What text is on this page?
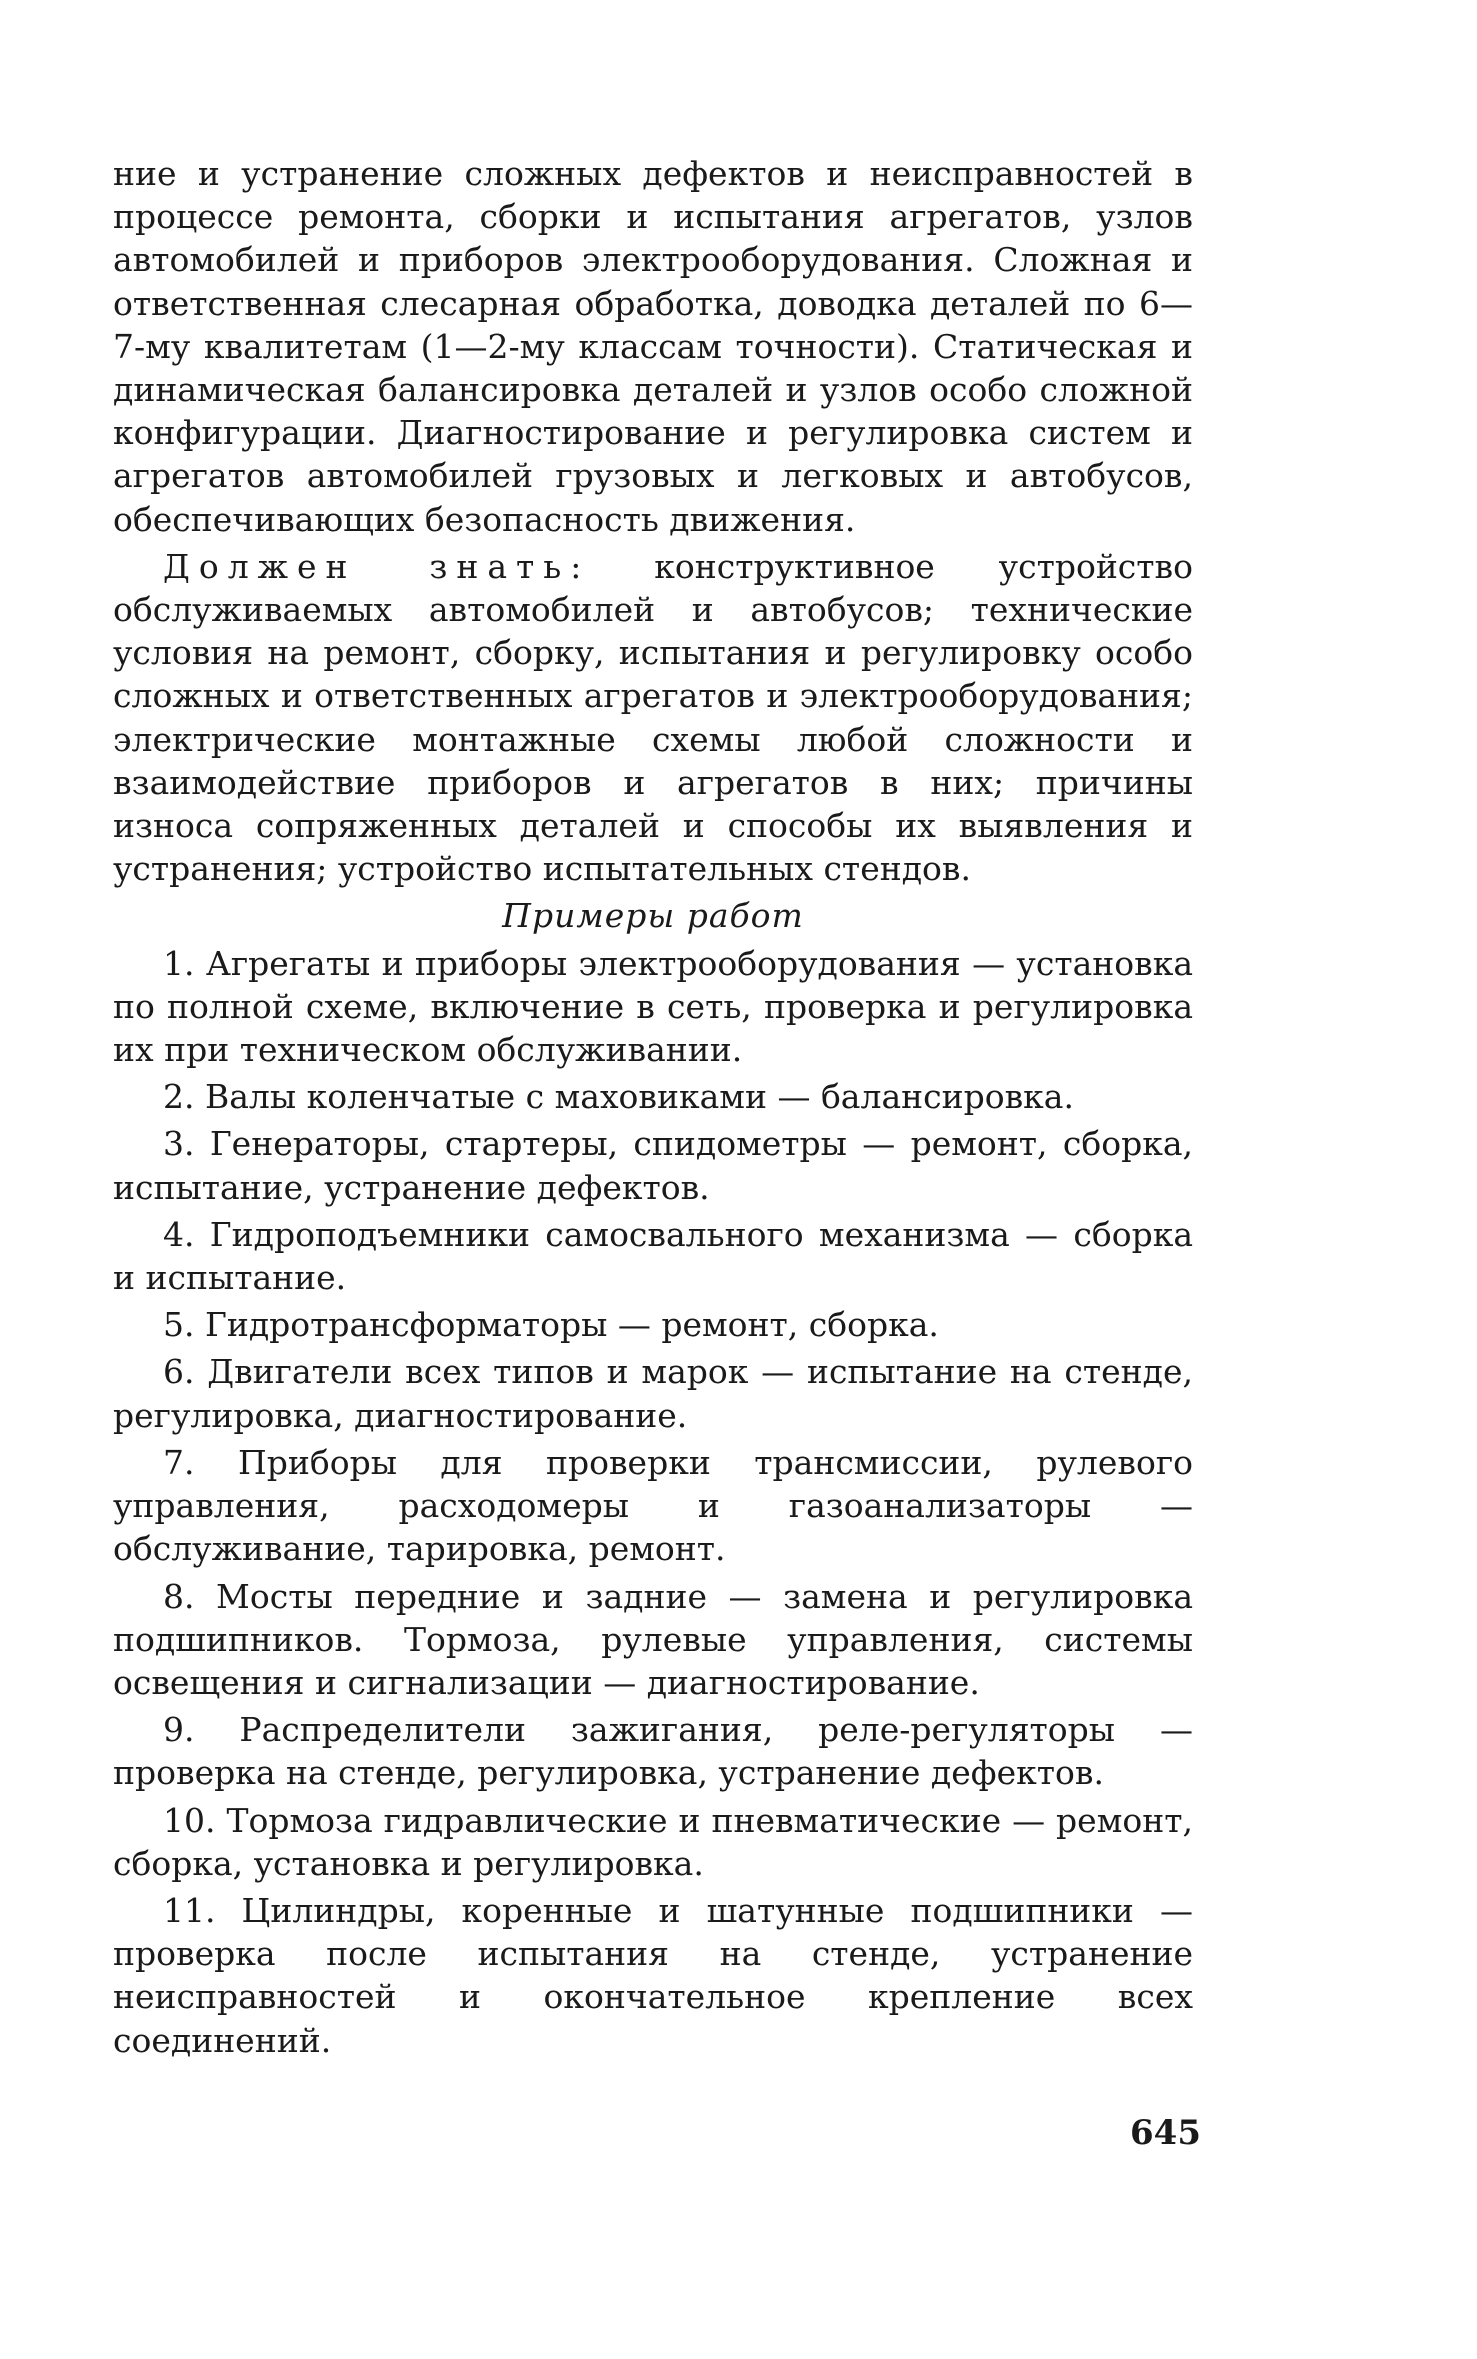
ние и устранение сложных дефектов и неисправностей в процессе ремонта, сборки и испытания агрегатов, узлов автомобилей и приборов электрооборудования. Сложная и ответственная слесарная обработка, доводка деталей по 6—7-му квалитетам (1—2-му классам точности). Статическая и динамическая балансировка деталей и узлов особо сложной конфигурации. Диагностирование и регулировка систем и агрегатов автомобилей грузовых и легковых и автобусов, обеспечивающих безопасность движения.

Должен знать: конструктивное устройство обслуживаемых автомобилей и автобусов; технические условия на ремонт, сборку, испытания и регулировку особо сложных и ответственных агрегатов и электрооборудования; электрические монтажные схемы любой сложности и взаимодействие приборов и агрегатов в них; причины износа сопряженных деталей и способы их выявления и устранения; устройство испытательных стендов.

Примеры работ

1. Агрегаты и приборы электрооборудования — установка по полной схеме, включение в сеть, проверка и регулировка их при техническом обслуживании.

2. Валы коленчатые с маховиками — балансировка.

3. Генераторы, стартеры, спидометры — ремонт, сборка, испытание, устранение дефектов.

4. Гидроподъемники самосвального механизма — сборка и испытание.

5. Гидротрансформаторы — ремонт, сборка.

6. Двигатели всех типов и марок — испытание на стенде, регулировка, диагностирование.

7. Приборы для проверки трансмиссии, рулевого управления, расходомеры и газоанализаторы — обслуживание, тарировка, ремонт.

8. Мосты передние и задние — замена и регулировка подшипников. Тормоза, рулевые управления, системы освещения и сигнализации — диагностирование.

9. Распределители зажигания, реле-регуляторы — проверка на стенде, регулировка, устранение дефектов.

10. Тормоза гидравлические и пневматические — ремонт, сборка, установка и регулировка.

11. Цилиндры, коренные и шатунные подшипники — проверка после испытания на стенде, устранение неисправностей и окончательное крепление всех соединений.

645
